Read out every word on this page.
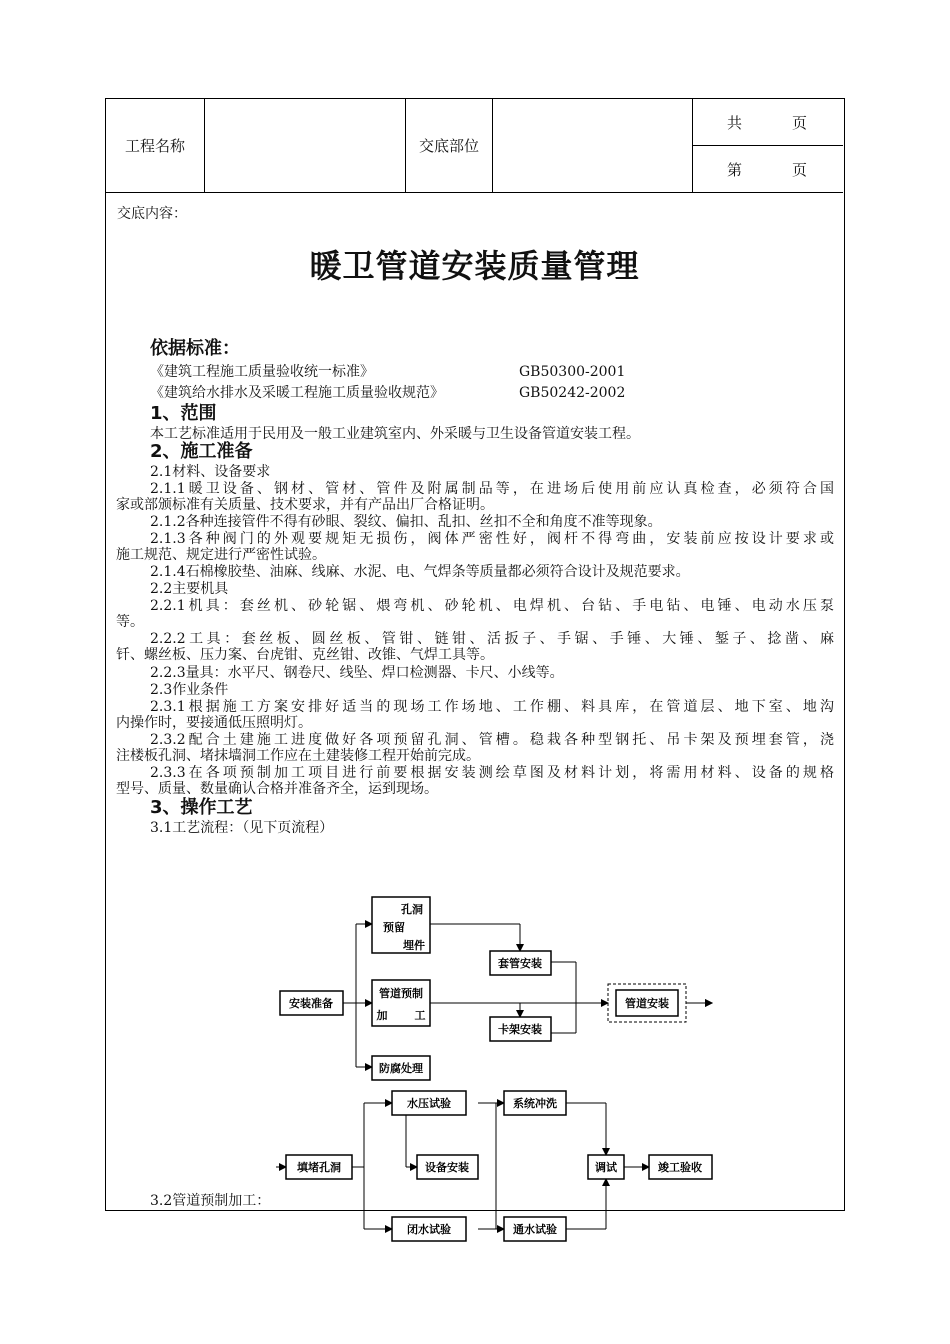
工程名称	交底部位
共	页
第	页
交底内容：
暖卫管道安装质量管理
依据标准：
《建筑工程施工质量验收统一标准》	GB50300-2001
《建筑给水排水及采暖工程施工质量验收规范》	GB50242-2002
1、范围
本工艺标准适用于民用及一般工业建筑室内、外采暖与卫生设备管道安装工程。
2、施工准备
2.1材料、设备要求
2.1.1暖卫设备、钢材、管材、管件及附属制品等，在进场后使用前应认真检查，必须符合国
家或部颁标准有关质量、技术要求，并有产品出厂合格证明。
2.1.2各种连接管件不得有砂眼、裂纹、偏扣、乱扣、丝扣不全和角度不准等现象。
2.1.3各种阀门的外观要规矩无损伤，阀体严密性好，阀杆不得弯曲，安装前应按设计要求或
施工规范、规定进行严密性试验。
2.1.4石棉橡胶垫、油麻、线麻、水泥、电、气焊条等质量都必须符合设计及规范要求。
2.2主要机具
2.2.1机具：套丝机、砂轮锯、煨弯机、砂轮机、电焊机、台钻、手电钻、电锤、电动水压泵
等。
2.2.2工具：套丝板、圆丝板、管钳、链钳、活扳子、手锯、手锤、大锤、錾子、捻凿、麻
钎、螺丝板、压力案、台虎钳、克丝钳、改锥、气焊工具等。
2.2.3量具：水平尺、钢卷尺、线坠、焊口检测器、卡尺、小线等。
2.3作业条件
2.3.1根据施工方案安排好适当的现场工作场地、工作棚、料具库，在管道层、地下室、地沟
内操作时，要接通低压照明灯。
2.3.2配合土建施工进度做好各项预留孔洞、管槽。稳栽各种型钢托、吊卡架及预埋套管，浇
注楼板孔洞、堵抹墙洞工作应在土建装修工程开始前完成。
2.3.3在各项预制加工项目进行前要根据安装测绘草图及材料计划，将需用材料、设备的规格
型号、质量、数量确认合格并准备齐全，运到现场。
3、操作工艺
3.1工艺流程：（见下页流程）
安装准备
孔洞
预留
埋件
管道预制
加 工
防腐处理
套管安装
卡架安装
管道安装
填堵孔洞
水压试验
设备安装
闭水试验
系统冲洗
通水试验
调试	竣工验收
3.2管道预制加工：
